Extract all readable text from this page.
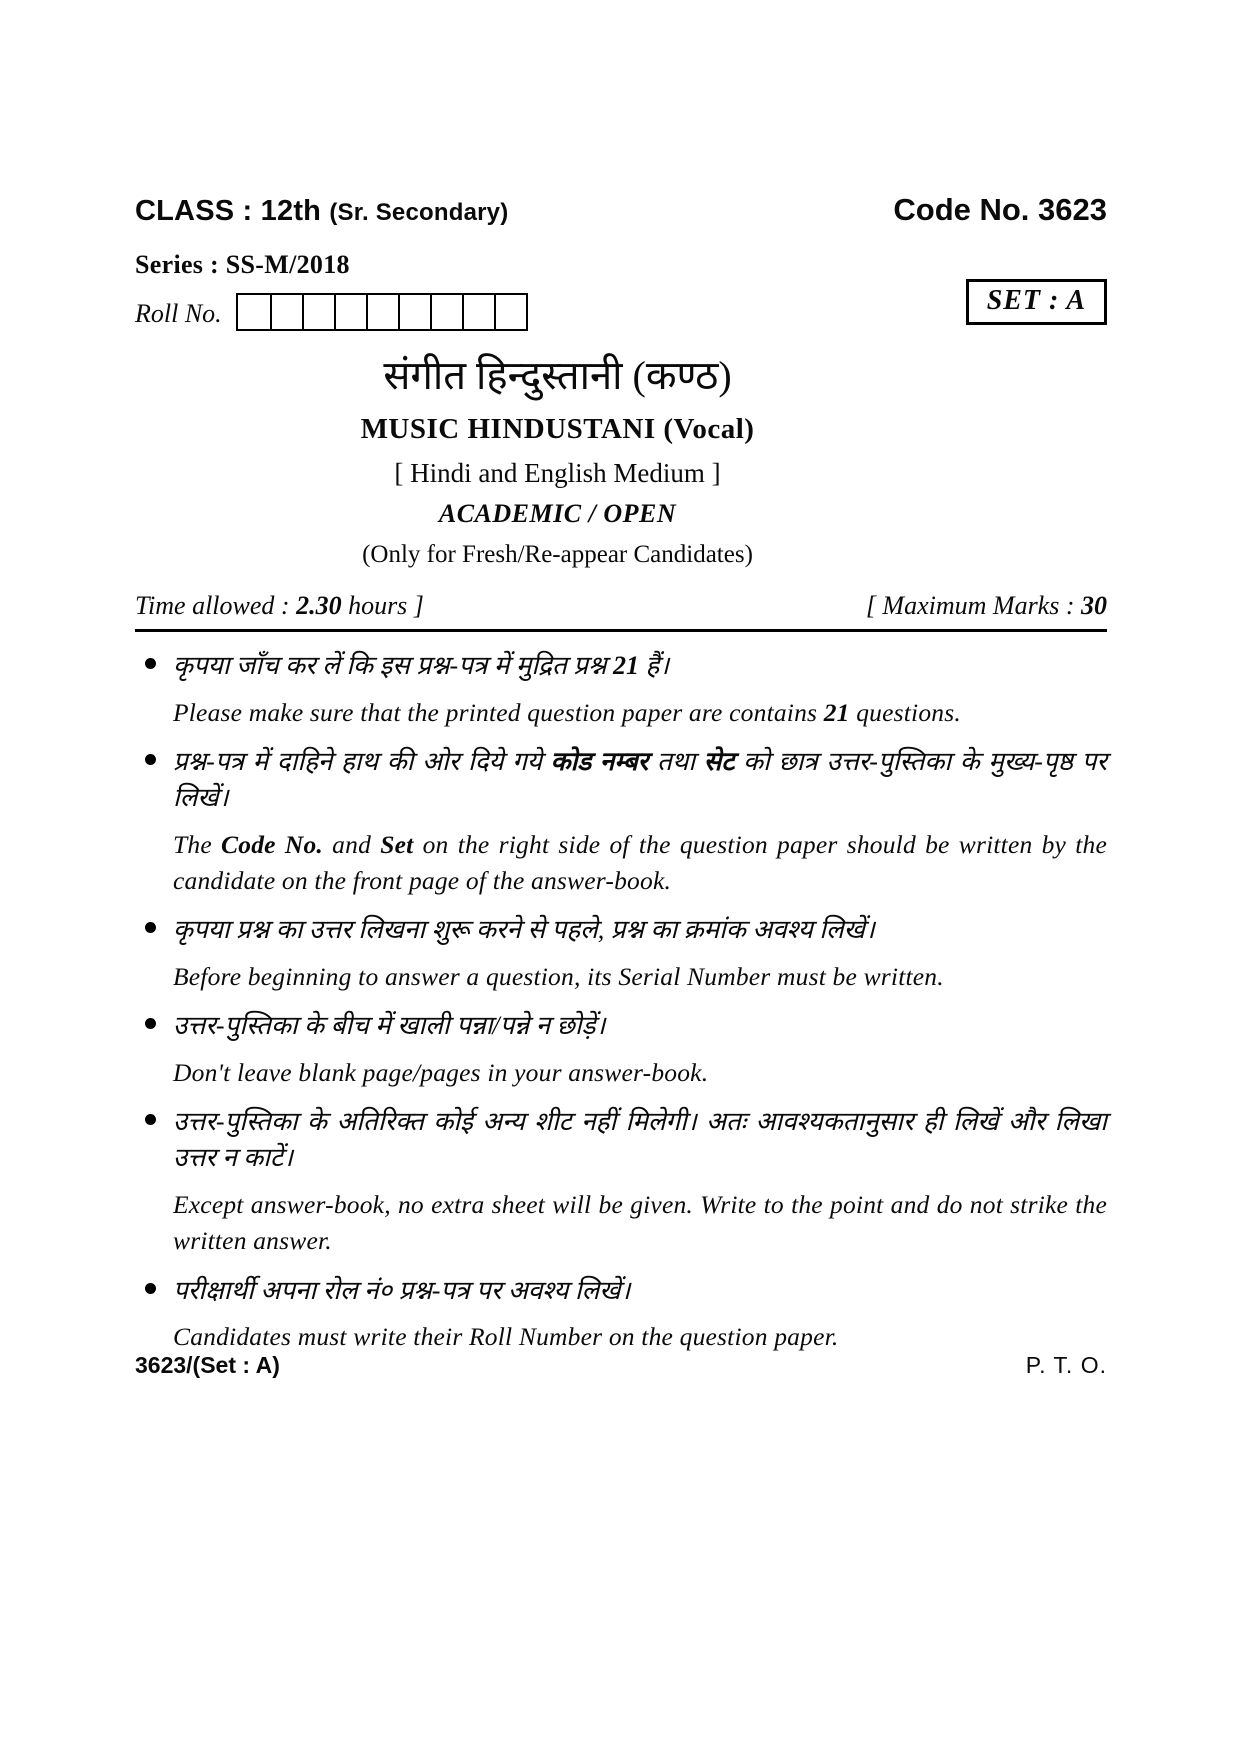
CLASS : 12th (Sr. Secondary)	Code No. 3623
Series : SS-M/2018
Roll No.	SET : A
संगीत हिन्दुस्तानी (कण्ठ)
MUSIC HINDUSTANI (Vocal)
[ Hindi and English Medium ]
ACADEMIC / OPEN
(Only for Fresh/Re-appear Candidates)
Time allowed : 2.30 hours ]	[ Maximum Marks : 30

कृपया जाँच कर लें कि इस प्रश्न-पत्र में मुद्रित प्रश्न 21 हैं।

Please make sure that the printed question paper are contains 21 questions.

प्रश्न-पत्र में दाहिने हाथ की ओर दिये गये कोड नम्बर तथा सेट को छात्र उत्तर-पुस्तिका के मुख्य-पृष्ठ पर लिखें।

The Code No. and Set on the right side of the question paper should be written by the candidate on the front page of the answer-book.

कृपया प्रश्न का उत्तर लिखना शुरू करने से पहले, प्रश्न का क्रमांक अवश्य लिखें।

Before beginning to answer a question, its Serial Number must be written.

उत्तर-पुस्तिका के बीच में खाली पन्ना/पन्ने न छोड़ें।

Don't leave blank page/pages in your answer-book.

उत्तर-पुस्तिका के अतिरिक्त कोई अन्य शीट नहीं मिलेगी। अतः आवश्यकतानुसार ही लिखें और लिखा उत्तर न काटें।

Except answer-book, no extra sheet will be given. Write to the point and do not strike the written answer.

परीक्षार्थी अपना रोल नं० प्रश्न-पत्र पर अवश्य लिखें।

Candidates must write their Roll Number on the question paper.

3623/(Set : A)	P. T. O.
